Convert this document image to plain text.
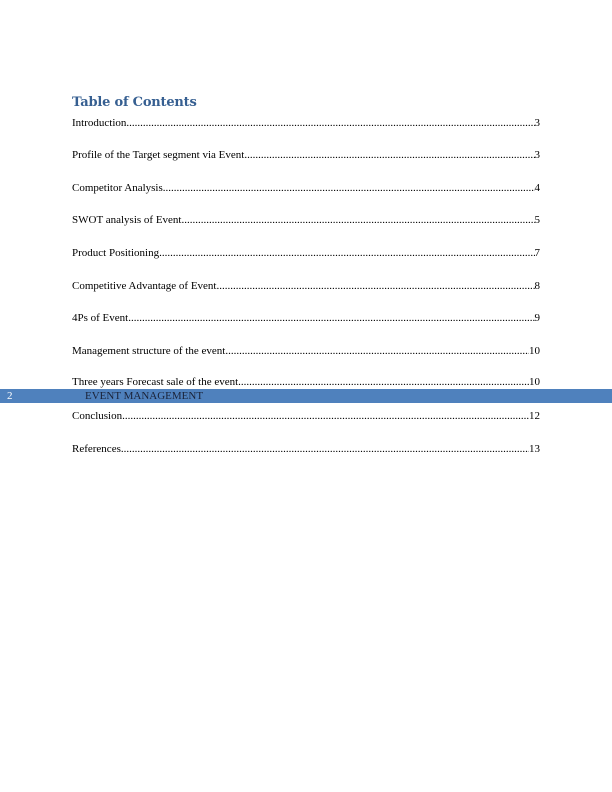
Table of Contents
Introduction .....	3
Profile of the Target segment via Event .....	3
Competitor Analysis .....	4
SWOT analysis of Event .....	5
Product Positioning .....	7
Competitive Advantage of Event .....	8
4Ps of Event .....	9
Management structure of the event .....	10
Three years Forecast sale of the event .....	10
2	EVENT MANAGEMENT
Conclusion .....	12
References .....	13
